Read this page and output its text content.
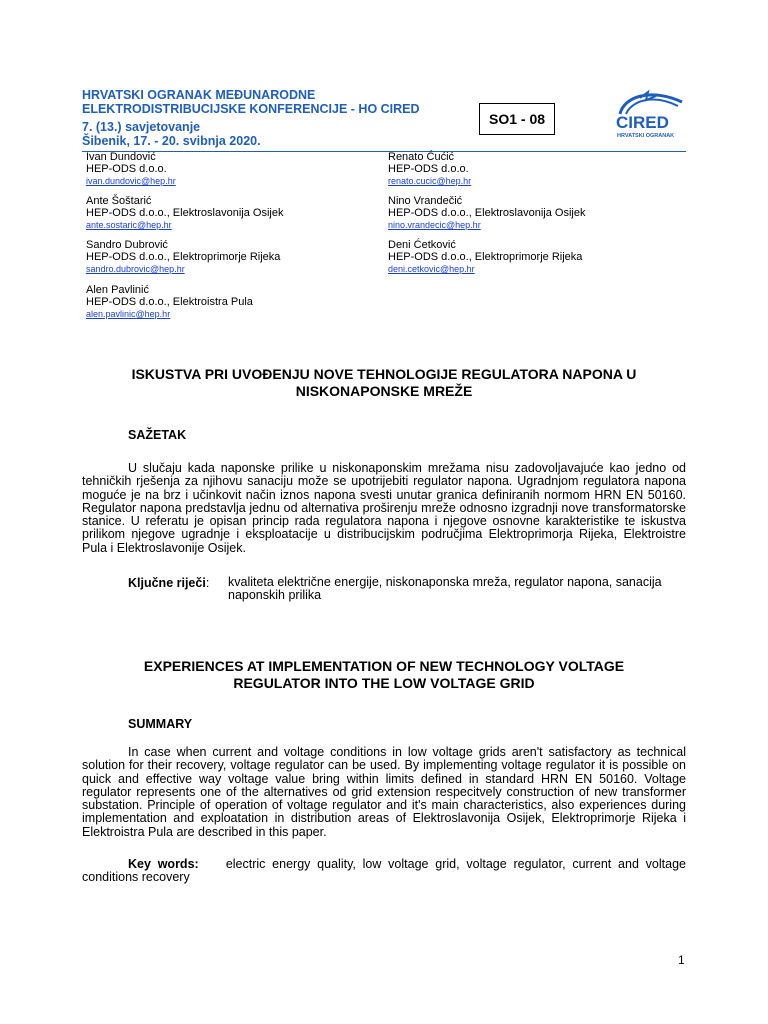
HRVATSKI OGRANAK MEĐUNARODNE
ELEKTRODISTRIBUCIJSKE KONFERENCIJE - HO CIRED
7. (13.) savjetovanje
Šibenik, 17. - 20. svibnja 2020.
SO1 - 08	CIRED
HRVATSKI OGRANAK
Ivan Dundović
HEP-ODS d.o.o.
ivan.dundovic@hep.hr
Renato Ćućić
HEP-ODS d.o.o.
renato.cucic@hep.hr
Ante Šoštarić
HEP-ODS d.o.o., Elektroslavonija Osijek
ante.sostaric@hep.hr
Nino Vrandečić
HEP-ODS d.o.o., Elektroslavonija Osijek
nino.vrandecic@hep.hr
Sandro Dubrović
HEP-ODS d.o.o., Elektroprimorje Rijeka
sandro.dubrovic@hep.hr
Deni Ćetković
HEP-ODS d.o.o., Elektroprimorje Rijeka
deni.cetkovic@hep.hr
Alen Pavlinić
HEP-ODS d.o.o., Elektroistra Pula
alen.pavlinic@hep.hr
ISKUSTVA PRI UVOĐENJU NOVE TEHNOLOGIJE REGULATORA NAPONA U
NISKONAPONSKE MREŽE
SAŽETAK
U slučaju kada naponske prilike u niskonaponskim mrežama nisu zadovoljavajuće kao jedno od tehničkih rješenja za njihovu sanaciju može se upotrijebiti regulator napona. Ugradnjom regulatora napona moguće je na brz i učinkovit način iznos napona svesti unutar granica definiranih normom HRN EN 50160. Regulator napona predstavlja jednu od alternativa proširenju mreže odnosno izgradnji nove transformatorske stanice. U referatu je opisan princip rada regulatora napona i njegove osnovne karakteristike te iskustva prilikom njegove ugradnje i eksploatacije u distribucijskim područjima Elektroprimorja Rijeka, Elektroistre Pula i Elektroslavonije Osijek.
Ključne riječi: kvaliteta električne energije, niskonaponska mreža, regulator napona, sanacija
naponskih prilika
EXPERIENCES AT IMPLEMENTATION OF NEW TECHNOLOGY VOLTAGE
REGULATOR INTO THE LOW VOLTAGE GRID
SUMMARY
In case when current and voltage conditions in low voltage grids aren't satisfactory as technical solution for their recovery, voltage regulator can be used. By implementing voltage regulator it is possible on quick and effective way voltage value bring within limits defined in standard HRN EN 50160. Voltage regulator represents one of the alternatives od grid extension respecitvely construction of new transformer substation. Principle of operation of voltage regulator and it's main characteristics, also experiences during implementation and exploatation in distribution areas of Elektroslavonija Osijek, Elektroprimorje Rijeka i Elektroistra Pula are described in this paper.
Key words: electric energy quality, low voltage grid, voltage regulator, current and voltage conditions recovery
1
